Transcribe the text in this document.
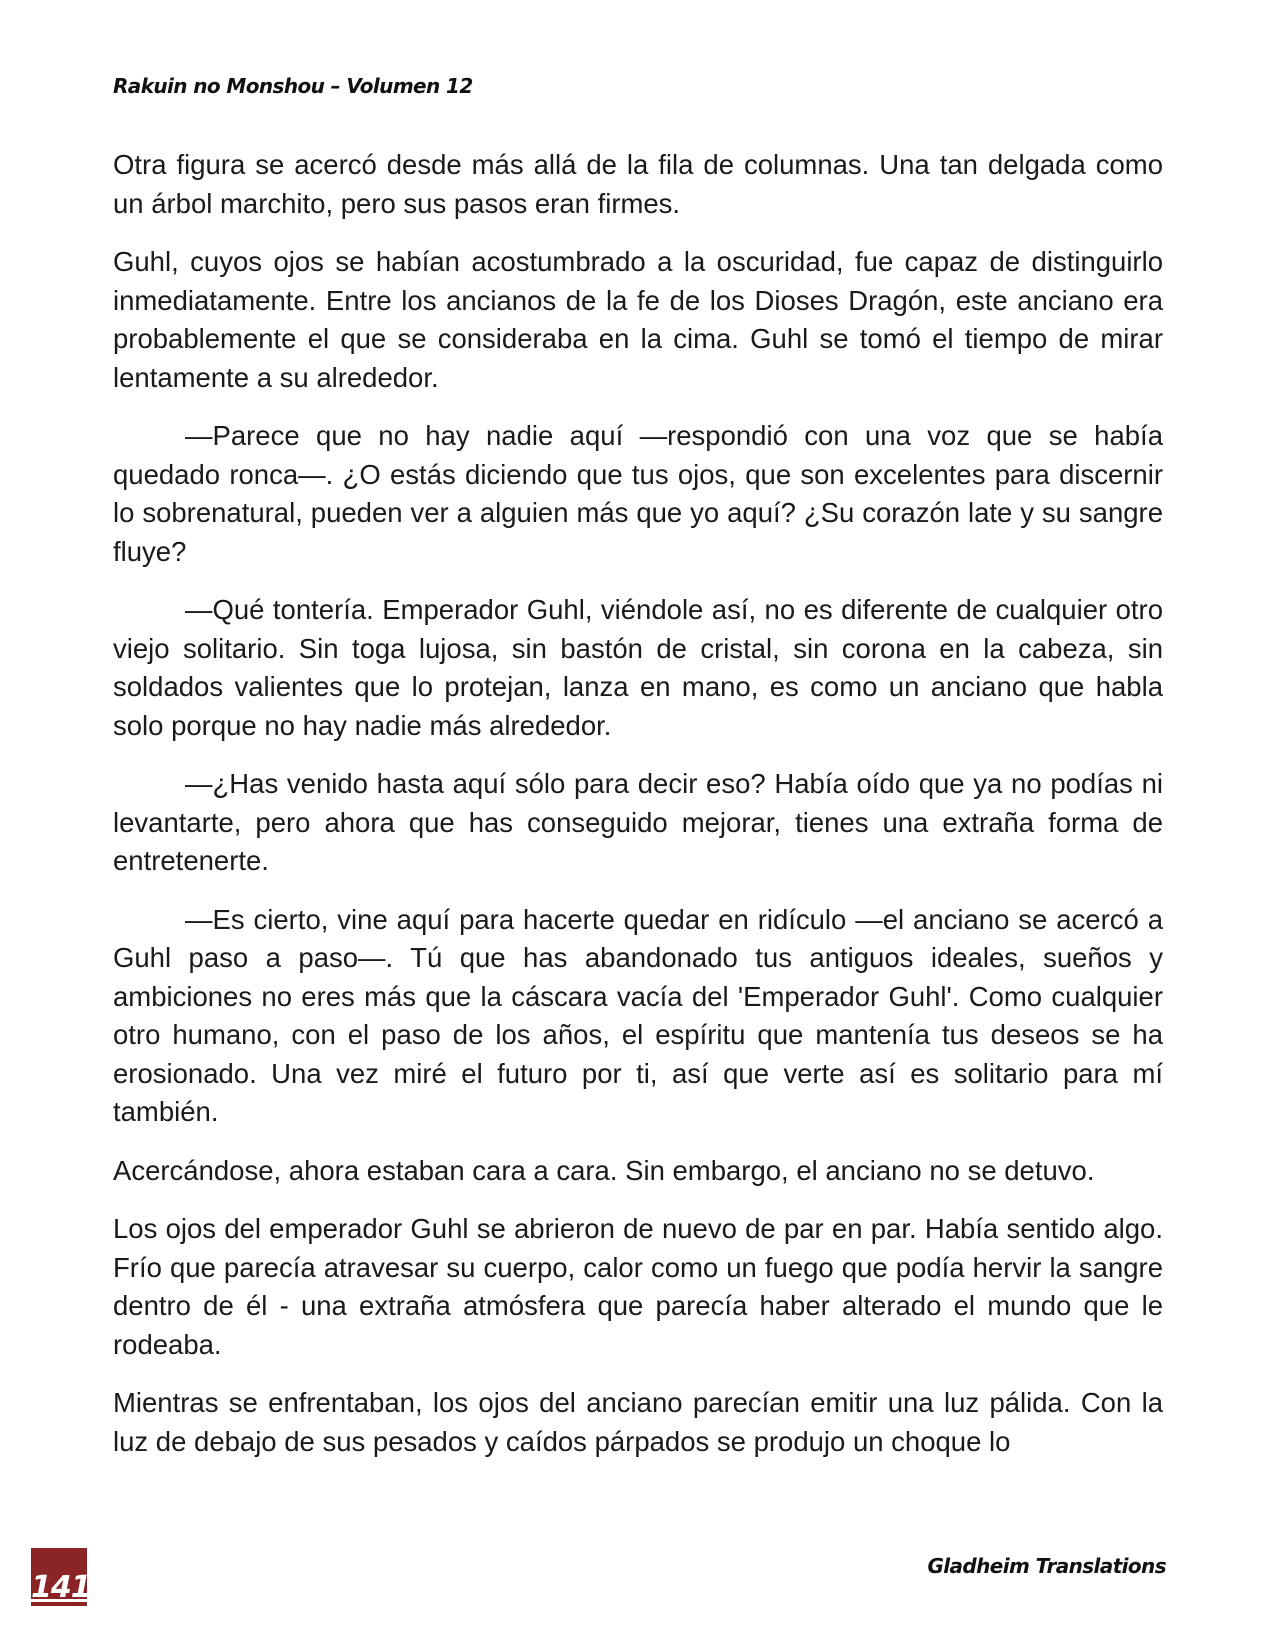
Rakuin no Monshou – Volumen 12

Otra figura se acercó desde más allá de la fila de columnas. Una tan delgada como un árbol marchito, pero sus pasos eran firmes.

Guhl, cuyos ojos se habían acostumbrado a la oscuridad, fue capaz de distinguirlo inmediatamente. Entre los ancianos de la fe de los Dioses Dragón, este anciano era probablemente el que se consideraba en la cima. Guhl se tomó el tiempo de mirar lentamente a su alrededor.

—Parece que no hay nadie aquí —respondió con una voz que se había quedado ronca—. ¿O estás diciendo que tus ojos, que son excelentes para discernir lo sobrenatural, pueden ver a alguien más que yo aquí? ¿Su corazón late y su sangre fluye?

—Qué tontería. Emperador Guhl, viéndole así, no es diferente de cualquier otro viejo solitario. Sin toga lujosa, sin bastón de cristal, sin corona en la cabeza, sin soldados valientes que lo protejan, lanza en mano, es como un anciano que habla solo porque no hay nadie más alrededor.

—¿Has venido hasta aquí sólo para decir eso? Había oído que ya no podías ni levantarte, pero ahora que has conseguido mejorar, tienes una extraña forma de entretenerte.

—Es cierto, vine aquí para hacerte quedar en ridículo —el anciano se acercó a Guhl paso a paso—. Tú que has abandonado tus antiguos ideales, sueños y ambiciones no eres más que la cáscara vacía del 'Emperador Guhl'. Como cualquier otro humano, con el paso de los años, el espíritu que mantenía tus deseos se ha erosionado. Una vez miré el futuro por ti, así que verte así es solitario para mí también.

Acercándose, ahora estaban cara a cara. Sin embargo, el anciano no se detuvo.

Los ojos del emperador Guhl se abrieron de nuevo de par en par. Había sentido algo. Frío que parecía atravesar su cuerpo, calor como un fuego que podía hervir la sangre dentro de él - una extraña atmósfera que parecía haber alterado el mundo que le rodeaba.

Mientras se enfrentaban, los ojos del anciano parecían emitir una luz pálida. Con la luz de debajo de sus pesados y caídos párpados se produjo un choque lo

141
Gladheim Translations
